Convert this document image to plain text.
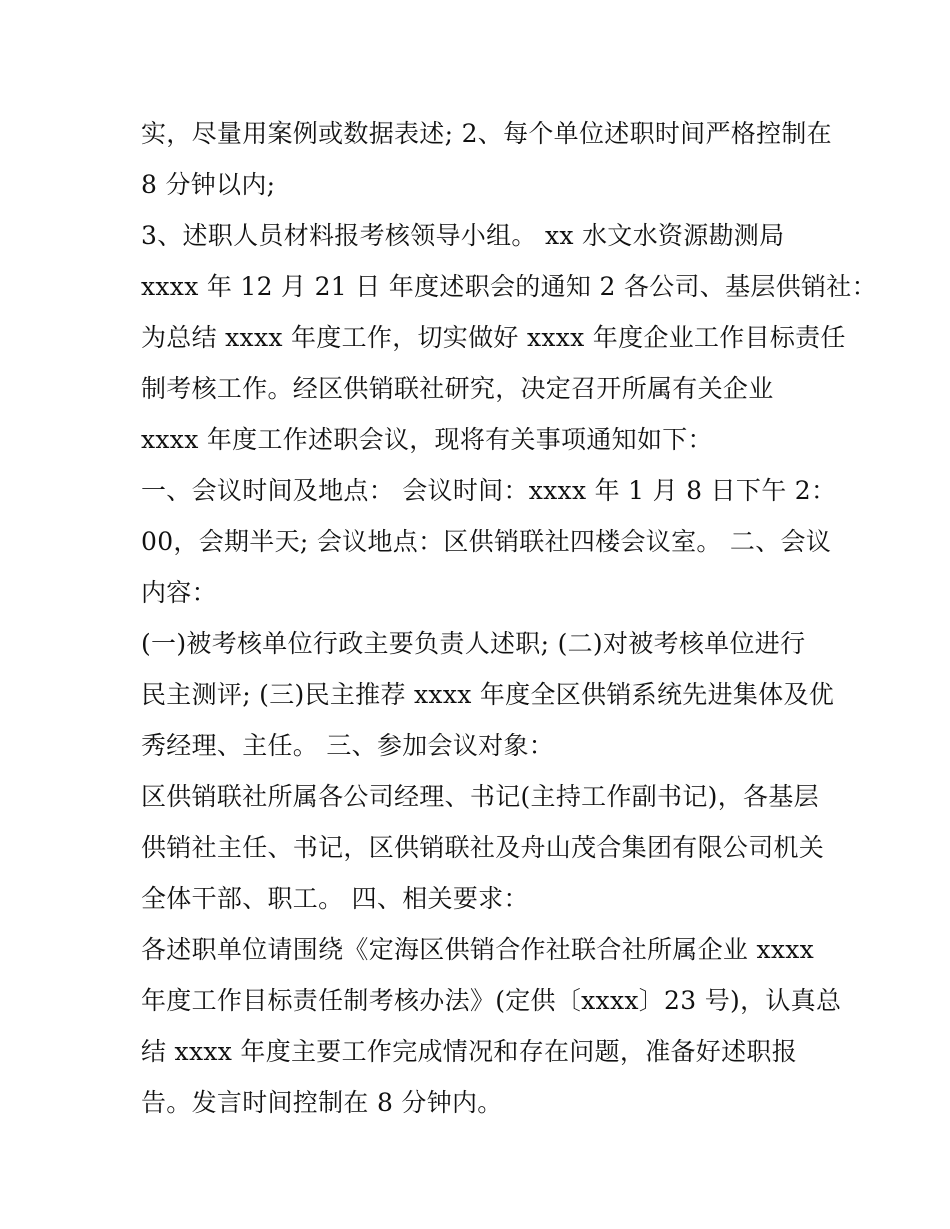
实，尽量用案例或数据表述; 2、每个单位述职时间严格控制在
8 分钟以内;
3、述职人员材料报考核领导小组。 xx 水文水资源勘测局
xxxx 年 12 月 21 日 年度述职会的通知 2 各公司、基层供销社：
为总结 xxxx 年度工作，切实做好 xxxx 年度企业工作目标责任
制考核工作。经区供销联社研究，决定召开所属有关企业
xxxx 年度工作述职会议，现将有关事项通知如下：
一、会议时间及地点： 会议时间：xxxx 年 1 月 8 日下午 2：
00，会期半天; 会议地点：区供销联社四楼会议室。 二、会议
内容：
(一)被考核单位行政主要负责人述职; (二)对被考核单位进行
民主测评; (三)民主推荐 xxxx 年度全区供销系统先进集体及优
秀经理、主任。 三、参加会议对象：
区供销联社所属各公司经理、书记(主持工作副书记)，各基层
供销社主任、书记，区供销联社及舟山茂合集团有限公司机关
全体干部、职工。 四、相关要求：
各述职单位请围绕《定海区供销合作社联合社所属企业 xxxx
年度工作目标责任制考核办法》(定供〔xxxx〕23 号)，认真总
结 xxxx 年度主要工作完成情况和存在问题，准备好述职报
告。发言时间控制在 8 分钟内。
